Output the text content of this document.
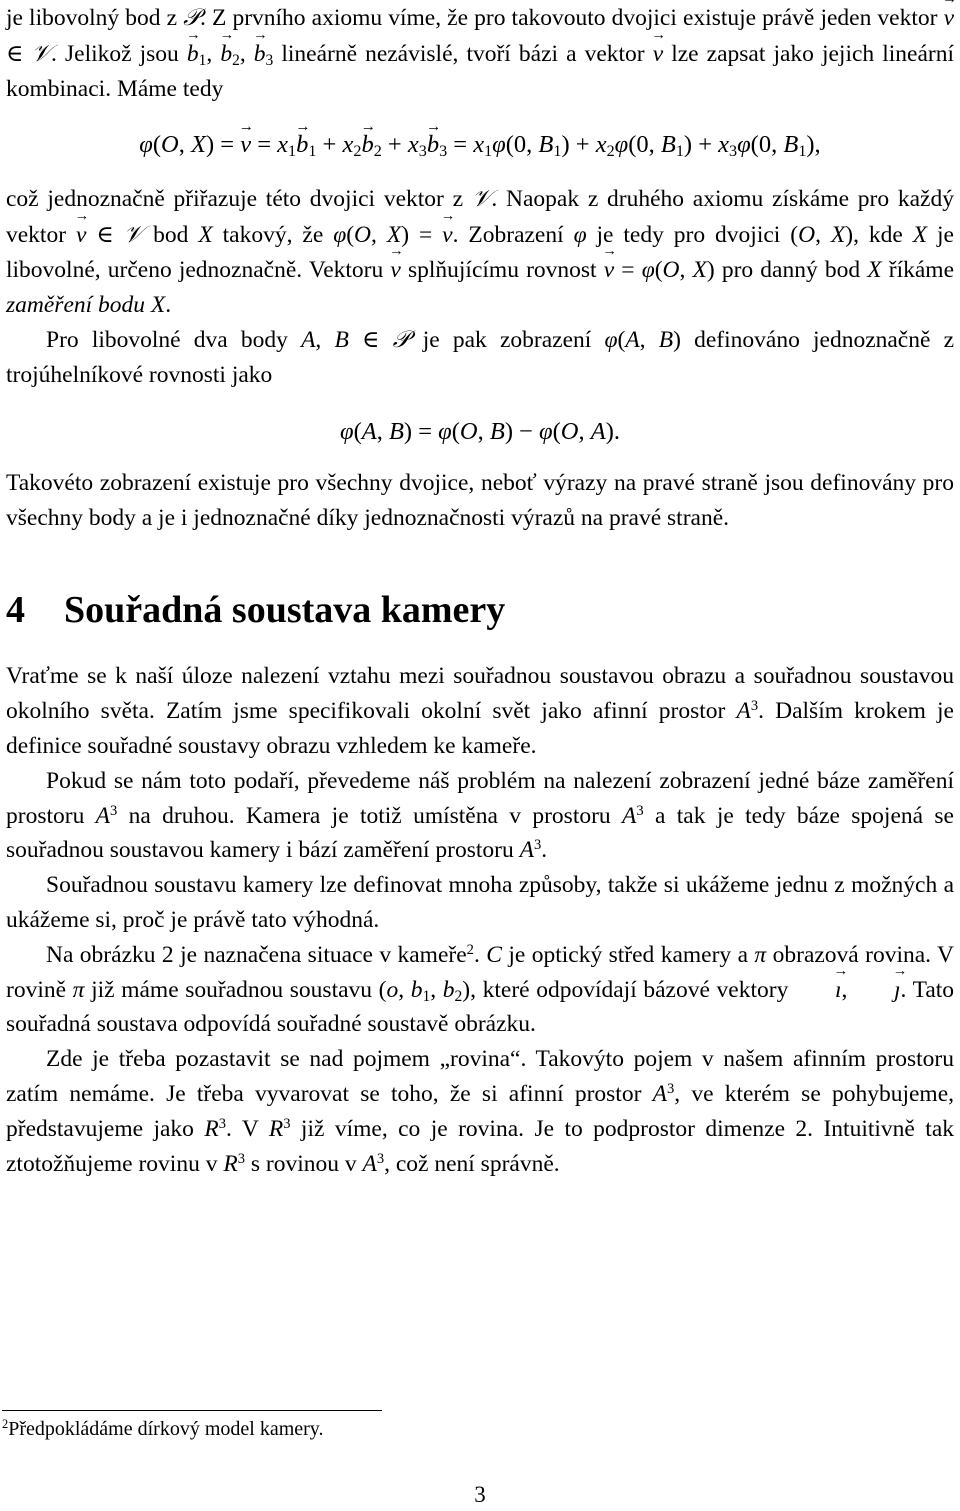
je libovolný bod z 𝒫. Z prvního axiomu víme, že pro takovouto dvojici existuje právě jeden vektor → v ∈ 𝒱. Jelikož jsou → $b_1$, → $b_2$, → $b_3$ lineárně nezávislé, tvoří bázi a vektor → v lze zapsat jako jejich lineární kombinaci. Máme tedy

φ(O, X) = → $v = x_1\to b_1 + x_2\to b_2 + x_3\to b_3 = x_1\varphi(0$, $B_1) + x_2\varphi(0$, $B_1) + x_3\varphi(0$, $B_1$),

což jednoznačně přiřazuje této dvojici vektor z 𝒱. Naopak z druhého axiomu získáme pro každý vektor → v ∈ 𝒱 bod X takový, že φ(O, X) = → v. Zobrazení φ je tedy pro dvojici (O, X), kde X je libovolné, určeno jednoznačně. Vektoru → v splňujícímu rovnost → v = φ(O, X) pro danný bod X říkáme zaměření bodu X.

Pro libovolné dva body A, B ∈ 𝒫 je pak zobrazení φ(A, B) definováno jednoznačně z trojúhelníkové rovnosti jako

φ(A, B) = φ(O, B) − φ(O, A).

Takovéto zobrazení existuje pro všechny dvojice, neboť výrazy na pravé straně jsou definovány pro všechny body a je i jednoznačné díky jednoznačnosti výrazů na pravé straně.

4 Souřadná soustava kamery

Vraťme se k naší úloze nalezení vztahu mezi souřadnou soustavou obrazu a souřadnou soustavou okolního světa. Zatím jsme specifikovali okolní svět jako afinní prostor $A^3$. Dalším krokem je definice souřadné soustavy obrazu vzhledem ke kameře.

Pokud se nám toto podaří, převedeme náš problém na nalezení zobrazení jedné báze zaměření prostoru $A^3$ na druhou. Kamera je totiž umístěna v prostoru $A^3$ a tak je tedy báze spojená se souřadnou soustavou kamery i bází zaměření prostoru $A^3$.

Souřadnou soustavu kamery lze definovat mnoha způsoby, takže si ukážeme jednu z možných a ukážeme si, proč je právě tato výhodná.

Na obrázku 2 je naznačena situace v kameře$^2$. C je optický střed kamery a π obrazová rovina. V rovině π již máme souřadnou soustavu (o, $b_1$, $b_2$), které odpovídají bázové vektory → ı, → ȷ. Tato souřadná soustava odpovídá souřadné soustavě obrázku.

Zde je třeba pozastavit se nad pojmem „rovina“. Takovýto pojem v našem afinním prostoru zatím nemáme. Je třeba vyvarovat se toho, že si afinní prostor $A^3$, ve kterém se pohybujeme, představujeme jako $R^3$. V $R^3$ již víme, co je rovina. Je to podprostor dimenze 2. Intuitivně tak ztotožňujeme rovinu v $R^3$ s rovinou v $A^3$, což není správně.

$^2$Předpokládáme dírkový model kamery.
3
